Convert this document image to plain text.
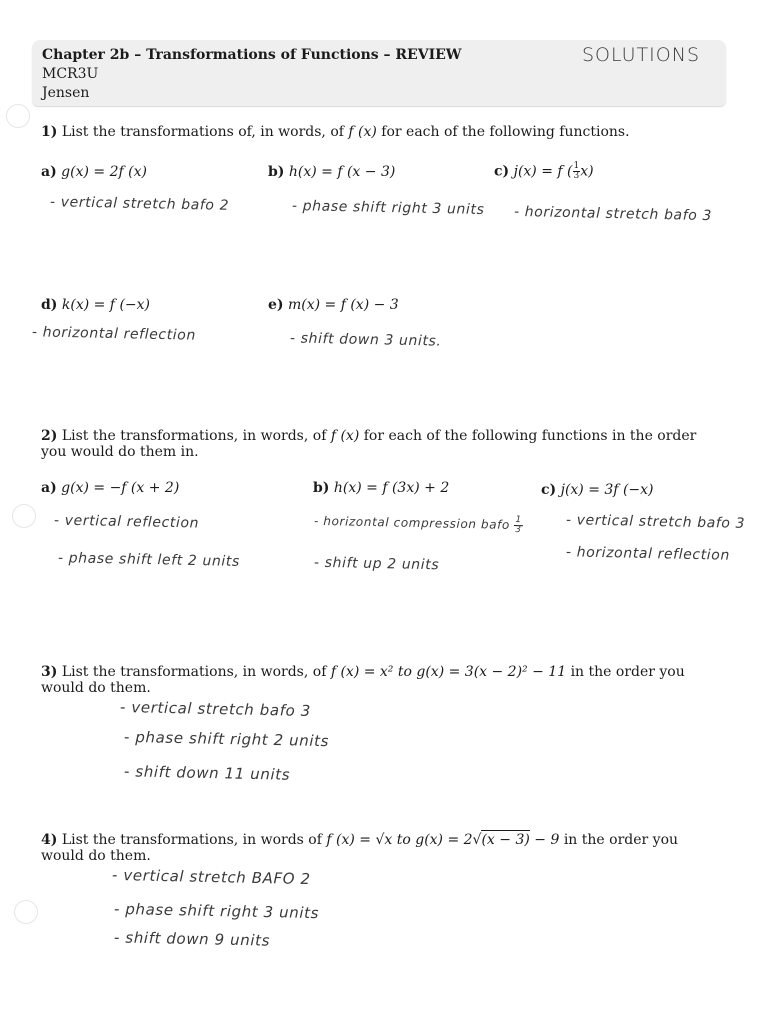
Chapter 2b – Transformations of Functions – REVIEW
MCR3U
Jensen
SOLUTIONS
1) List the transformations of, in words, of f (x) for each of the following functions.
a) g(x) = 2f (x)
- vertical stretch bafo 2
b) h(x) = f (x − 3)
- phase shift right 3 units
c) j(x) = f ( $\frac{1}{3} x$)
- horizontal stretch bafo 3
d) k(x) = f (−x)
- horizontal reflection
e) m(x) = f (x) − 3
- shift down 3 units.
2) List the transformations, in words, of f (x) for each of the following functions in the order you would do them in.
a) g(x) = −f (x + 2)
- vertical reflection
- phase shift left 2 units
b) h(x) = f (3x) + 2
- horizontal compression bafo $\frac{1}{3}$
- shift up 2 units
c) j(x) = 3f (−x)
- vertical stretch bafo 3
- horizontal reflection
3) List the transformations, in words, of f (x) = x² to g(x) = 3(x − 2)² − 11 in the order you would do them.
- vertical stretch bafo 3
- phase shift right 2 units
- shift down 11 units
4) List the transformations, in words of f (x) = √x to g(x) = 2√(x − 3) − 9 in the order you would do them.
- vertical stretch BAFO 2
- phase shift right 3 units
- shift down 9 units
